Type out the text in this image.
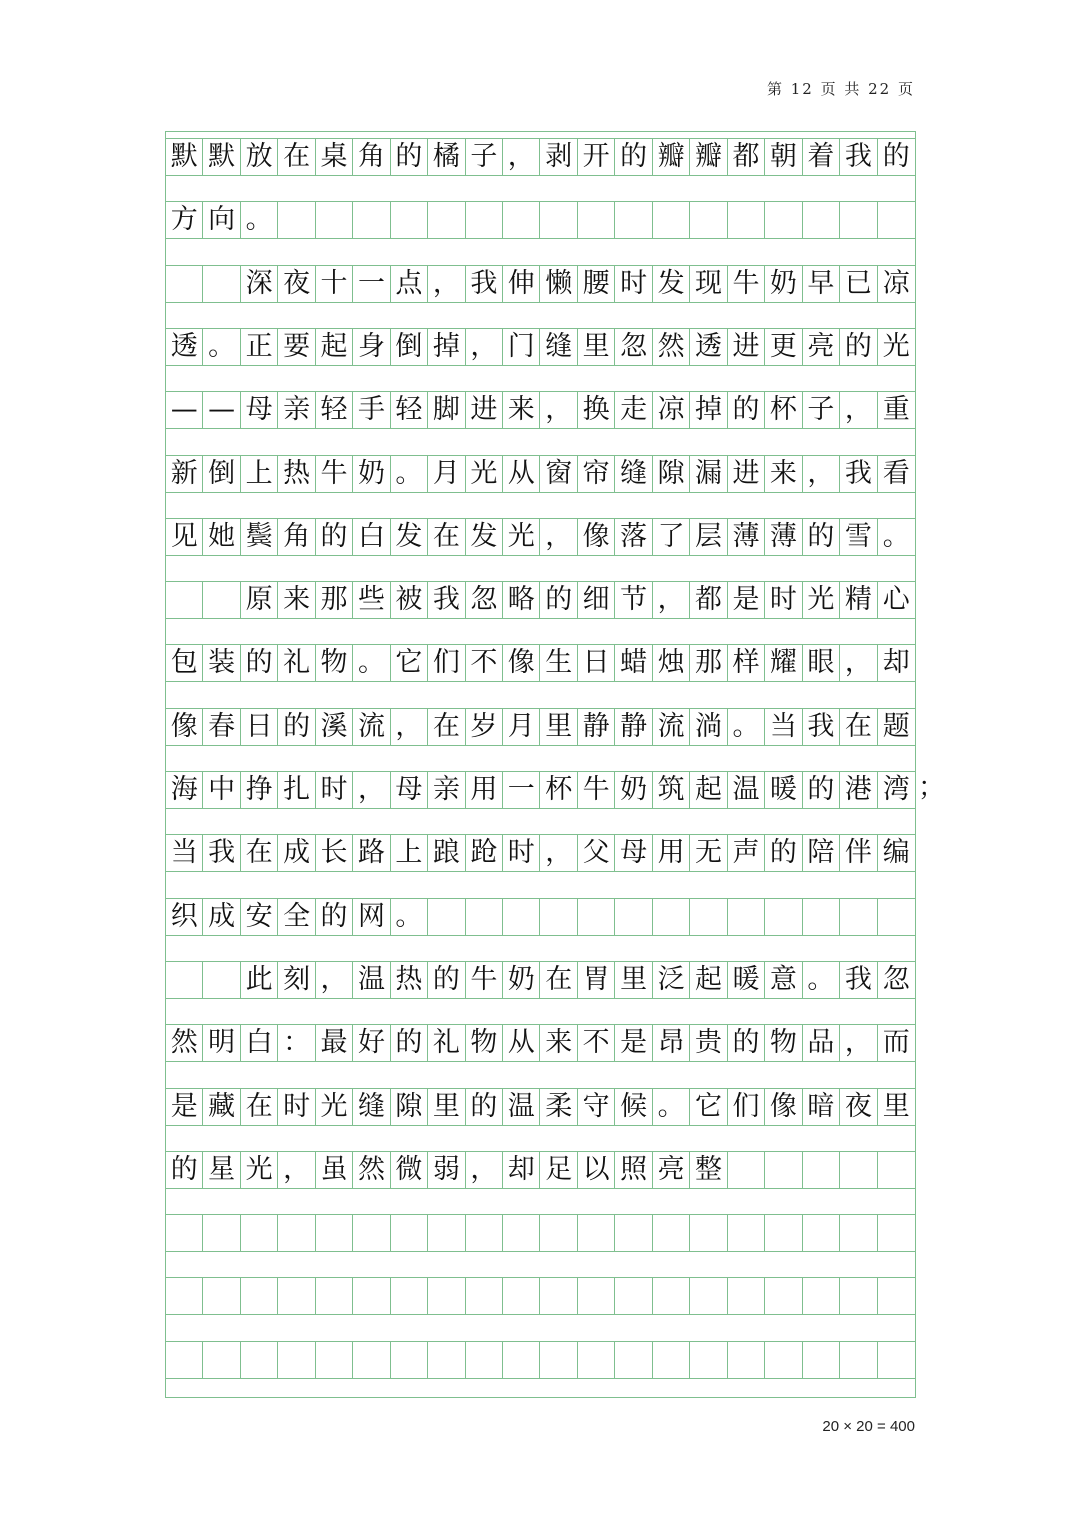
第 12 页 共 22 页
默 默 放 在 桌 角 的 橘 子 ， 剥 开 的 瓣 瓣 都 朝 着 我 的
方 向 。
深 夜 十 一 点 ， 我 伸 懒 腰 时 发 现 牛 奶 早 已 凉
透 。 正 要 起 身 倒 掉 ， 门 缝 里 忽 然 透 进 更 亮 的 光
— — 母 亲 轻 手 轻 脚 进 来 ， 换 走 凉 掉 的 杯 子 ， 重
新 倒 上 热 牛 奶 。 月 光 从 窗 帘 缝 隙 漏 进 来 ， 我 看
见 她 鬓 角 的 白 发 在 发 光 ， 像 落 了 层 薄 薄 的 雪 。
原 来 那 些 被 我 忽 略 的 细 节 ， 都 是 时 光 精 心
包 装 的 礼 物 。 它 们 不 像 生 日 蜡 烛 那 样 耀 眼 ， 却
像 春 日 的 溪 流 ， 在 岁 月 里 静 静 流 淌 。 当 我 在 题
海 中 挣 扎 时 ， 母 亲 用 一 杯 牛 奶 筑 起 温 暖 的 港 湾
当 我 在 成 长 路 上 踉 跄 时 ， 父 母 用 无 声 的 陪 伴 编
织 成 安 全 的 网 。
此 刻 ， 温 热 的 牛 奶 在 胃 里 泛 起 暖 意 。 我 忽
然 明 白 ： 最 好 的 礼 物 从 来 不 是 昂 贵 的 物 品 ， 而
是 藏 在 时 光 缝 隙 里 的 温 柔 守 候 。 它 们 像 暗 夜 里
的 星 光 ， 虽 然 微 弱 ， 却 足 以 照 亮 整
20 × 20 = 400
；
